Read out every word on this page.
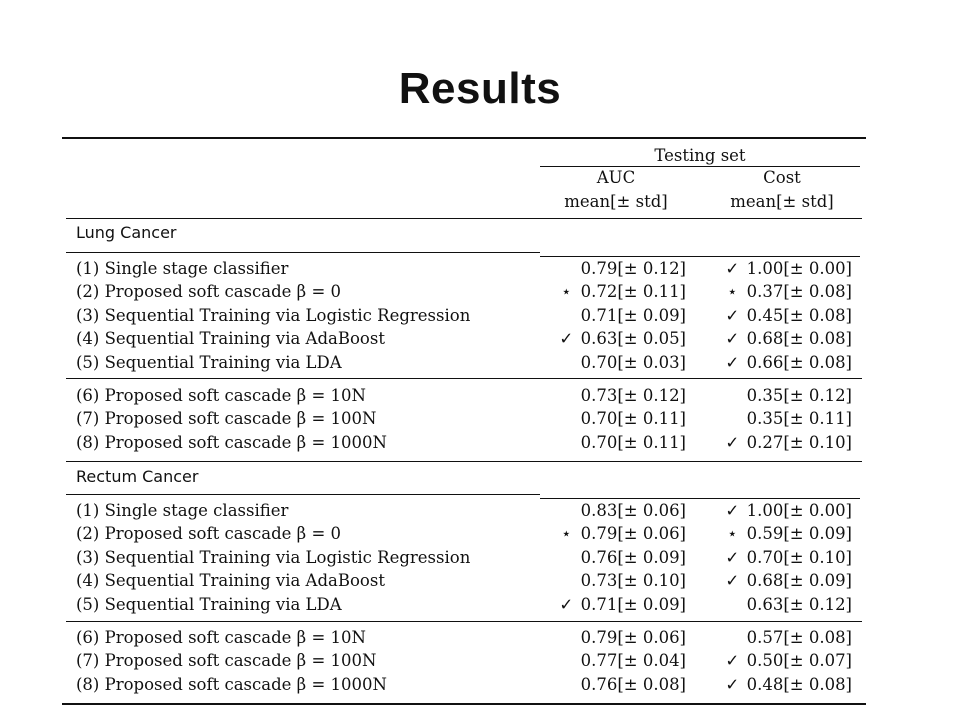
Results
Testing set
AUC	Cost
mean[± std]	mean[± std]
Lung Cancer
(1) Single stage classifier	0.79[± 0.12]	✓ 1.00[± 0.00]
(2) Proposed soft cascade β = 0	⋆ 0.72[± 0.11]	⋆ 0.37[± 0.08]
(3) Sequential Training via Logistic Regression	0.71[± 0.09]	✓ 0.45[± 0.08]
(4) Sequential Training via AdaBoost	✓ 0.63[± 0.05]	✓ 0.68[± 0.08]
(5) Sequential Training via LDA	0.70[± 0.03]	✓ 0.66[± 0.08]
(6) Proposed soft cascade β = 10N	0.73[± 0.12]	0.35[± 0.12]
(7) Proposed soft cascade β = 100N	0.70[± 0.11]	0.35[± 0.11]
(8) Proposed soft cascade β = 1000N	0.70[± 0.11]	✓ 0.27[± 0.10]
Rectum Cancer
(1) Single stage classifier	0.83[± 0.06]	✓ 1.00[± 0.00]
(2) Proposed soft cascade β = 0	⋆ 0.79[± 0.06]	⋆ 0.59[± 0.09]
(3) Sequential Training via Logistic Regression	0.76[± 0.09]	✓ 0.70[± 0.10]
(4) Sequential Training via AdaBoost	0.73[± 0.10]	✓ 0.68[± 0.09]
(5) Sequential Training via LDA	✓ 0.71[± 0.09]	0.63[± 0.12]
(6) Proposed soft cascade β = 10N	0.79[± 0.06]	0.57[± 0.08]
(7) Proposed soft cascade β = 100N	0.77[± 0.04]	✓ 0.50[± 0.07]
(8) Proposed soft cascade β = 1000N	0.76[± 0.08]	✓ 0.48[± 0.08]
